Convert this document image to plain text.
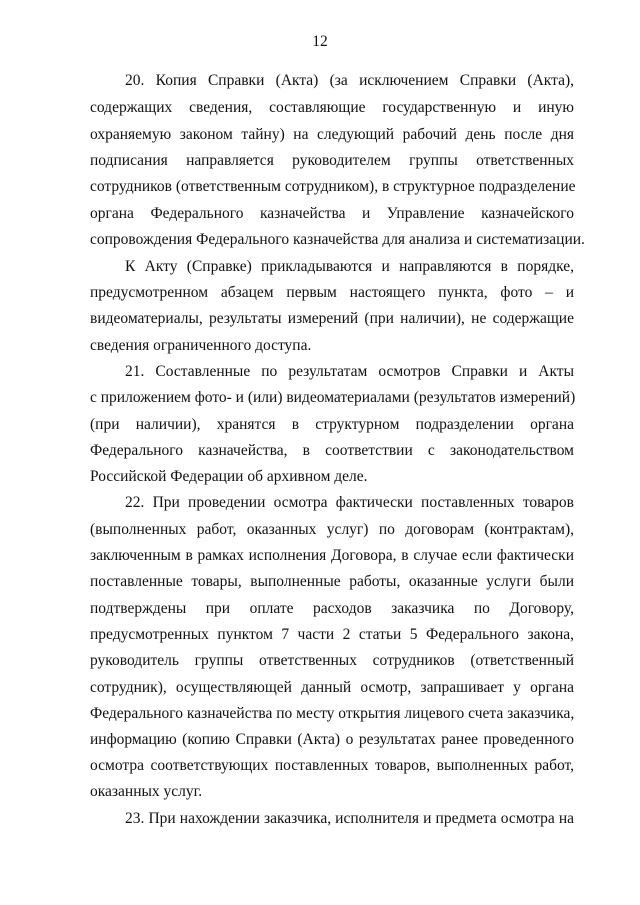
12
20. Копия Справки (Акта) (за исключением Справки (Акта),
содержащих сведения, составляющие государственную и иную
охраняемую законом тайну) на следующий рабочий день после дня
подписания направляется руководителем группы ответственных
сотрудников (ответственным сотрудником), в структурное подразделение
органа Федерального казначейства и Управление казначейского
сопровождения Федерального казначейства для анализа и систематизации.
К Акту (Справке) прикладываются и направляются в порядке,
предусмотренном абзацем первым настоящего пункта, фото – и
видеоматериалы, результаты измерений (при наличии), не содержащие
сведения ограниченного доступа.
21. Составленные по результатам осмотров Справки и Акты
с приложением фото- и (или) видеоматериалами (результатов измерений)
(при наличии), хранятся в структурном подразделении органа
Федерального казначейства, в соответствии с законодательством
Российской Федерации об архивном деле.
22. При проведении осмотра фактически поставленных товаров
(выполненных работ, оказанных услуг) по договорам (контрактам),
заключенным в рамках исполнения Договора, в случае если фактически
поставленные товары, выполненные работы, оказанные услуги были
подтверждены при оплате расходов заказчика по Договору,
предусмотренных пунктом 7 части 2 статьи 5 Федерального закона,
руководитель группы ответственных сотрудников (ответственный
сотрудник), осуществляющей данный осмотр, запрашивает у органа
Федерального казначейства по месту открытия лицевого счета заказчика,
информацию (копию Справки (Акта) о результатах ранее проведенного
осмотра соответствующих поставленных товаров, выполненных работ,
оказанных услуг.
23. При нахождении заказчика, исполнителя и предмета осмотра на
